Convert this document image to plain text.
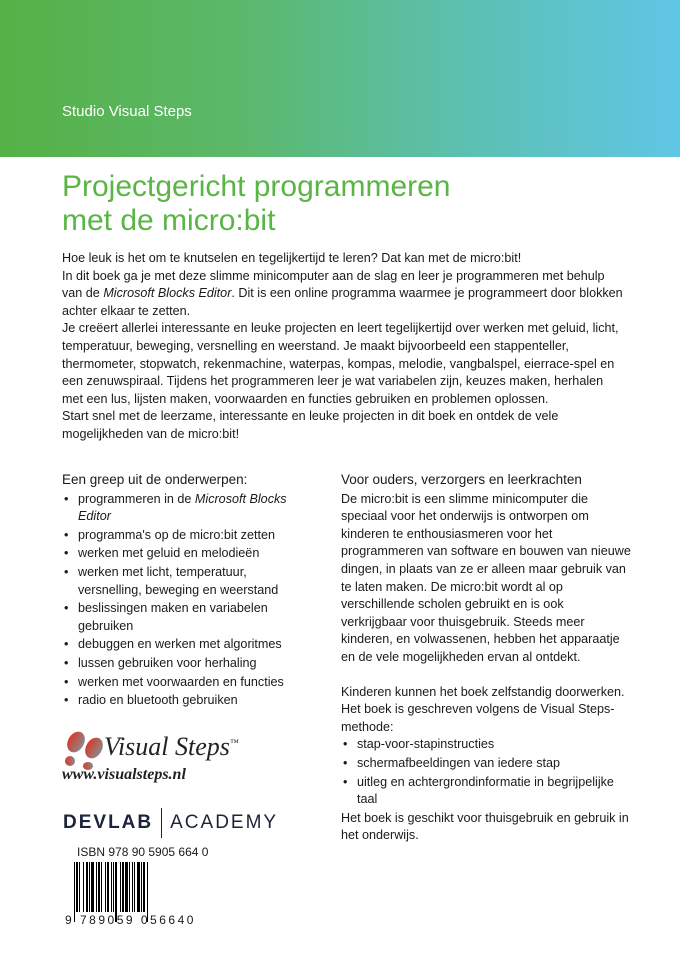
Studio Visual Steps
Projectgericht programmeren
met de micro:bit
Hoe leuk is het om te knutselen en tegelijkertijd te leren? Dat kan met de micro:bit!
In dit boek ga je met deze slimme minicomputer aan de slag en leer je programmeren met behulp van de Microsoft Blocks Editor. Dit is een online programma waarmee je programmeert door blokken achter elkaar te zetten.
Je creëert allerlei interessante en leuke projecten en leert tegelijkertijd over werken met geluid, licht, temperatuur, beweging, versnelling en weerstand. Je maakt bijvoorbeeld een stappenteller, thermometer, stopwatch, rekenmachine, waterpas, kompas, melodie, vangbalspel, eierrace-spel en een zenuwspiraal. Tijdens het programmeren leer je wat variabelen zijn, keuzes maken, herhalen met een lus, lijsten maken, voorwaarden en functies gebruiken en problemen oplossen.
Start snel met de leerzame, interessante en leuke projecten in dit boek en ontdek de vele mogelijkheden van de micro:bit!
Een greep uit de onderwerpen:
• programmeren in de Microsoft Blocks Editor
• programma's op de micro:bit zetten
• werken met geluid en melodieën
• werken met licht, temperatuur, versnelling, beweging en weerstand
• beslissingen maken en variabelen gebruiken
• debuggen en werken met algoritmes
• lussen gebruiken voor herhaling
• werken met voorwaarden en functies
• radio en bluetooth gebruiken
Voor ouders, verzorgers en leerkrachten
De micro:bit is een slimme minicomputer die speciaal voor het onderwijs is ontworpen om kinderen te enthousiasmeren voor het programmeren van software en bouwen van nieuwe dingen, in plaats van ze er alleen maar gebruik van te laten maken. De micro:bit wordt al op verschillende scholen gebruikt en is ook verkrijgbaar voor thuisgebruik. Steeds meer kinderen, en volwassenen, hebben het apparaatje en de vele mogelijkheden ervan al ontdekt.
Kinderen kunnen het boek zelfstandig doorwerken. Het boek is geschreven volgens de Visual Steps-methode:
• stap-voor-stapinstructies
• schermafbeeldingen van iedere stap
• uitleg en achtergrondinformatie in begrijpelijke taal
Het boek is geschikt voor thuisgebruik en gebruik in het onderwijs.
Visual Steps™
www.visualsteps.nl
DEVLAB ACADEMY
ISBN 978 90 5905 664 0
9 789059 056640
